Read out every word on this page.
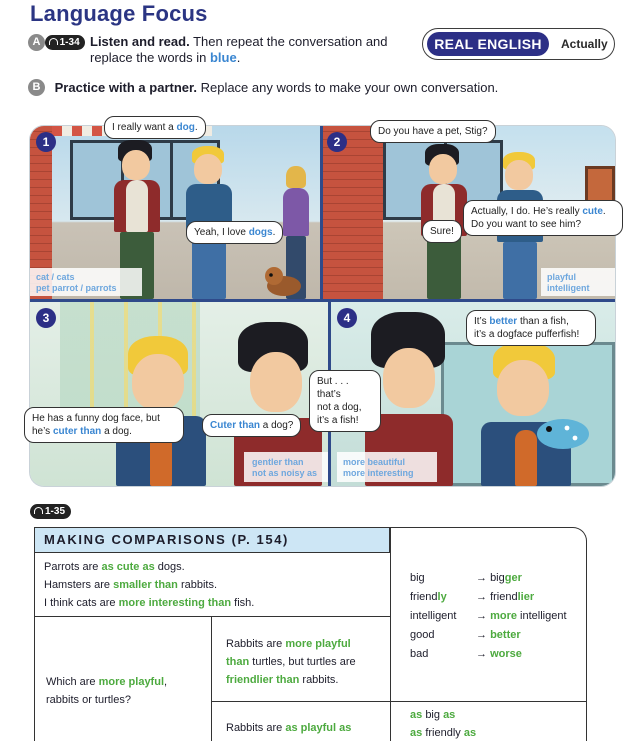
Language Focus
A 1-34 Listen and read. Then repeat the conversation and replace the words in blue.
REAL ENGLISH	Actually
B Practice with a partner. Replace any words to make your own conversation.
1
cat / cats
pet parrot / parrots
2
playful
intelligent
3
gentler than
not as noisy as
4
more beautiful
more interesting
I really want a dog.
Yeah, I love dogs.
Do you have a pet, Stig?
Sure!
Actually, I do. He’s really cute.
Do you want to see him?
He has a funny dog face, but
he’s cuter than a dog.
Cuter than a dog?
But . . . that’s
not a dog,
it’s a fish!
It’s better than a fish,
it’s a dogface pufferfish!
1-35
MAKING COMPARISONS (P. 154)
Parrots are as cute as dogs.
Hamsters are smaller than rabbits.
I think cats are more interesting than fish.
Which are more playful,
rabbits or turtles?
Rabbits are more playful
than turtles, but turtles are
friendlier than rabbits.
Rabbits are as playful as
big	→ bigger
friendly	→ friendlier
intelligent → more intelligent
good	→ better
bad	→ worse
as big as
as friendly as
